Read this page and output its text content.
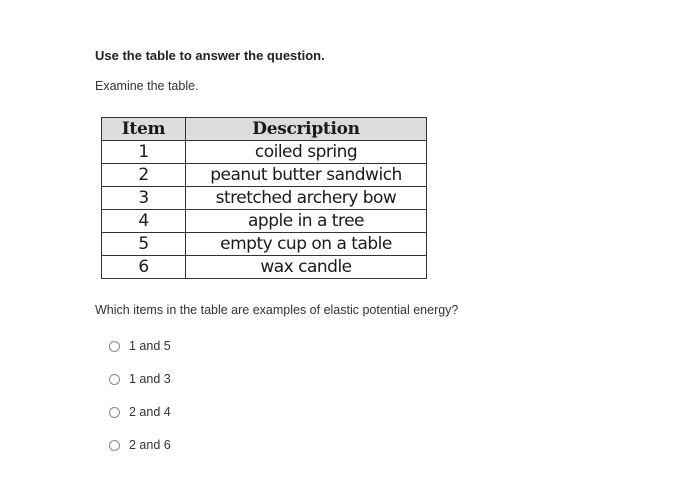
Use the table to answer the question.
Examine the table.
Item	Description
1	coiled spring
2	peanut butter sandwich
3	stretched archery bow
4	apple in a tree
5	empty cup on a table
6	wax candle
Which items in the table are examples of elastic potential energy?
1 and 5
1 and 3
2 and 4
2 and 6
